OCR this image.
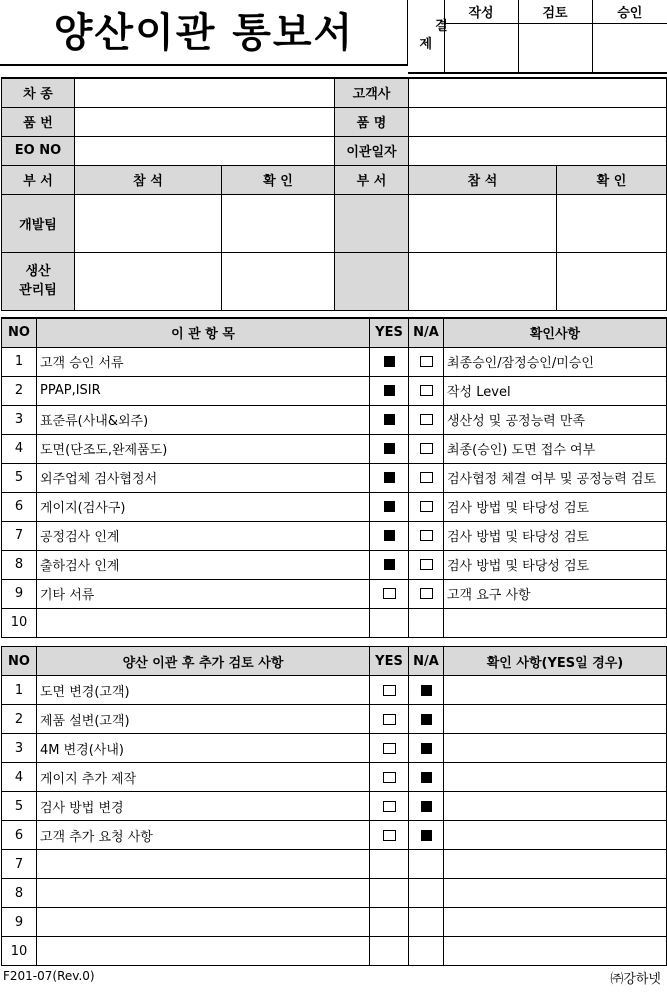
양산이관 통보서	결
제	작성	검토	승인

차 종			고객사		
품 번			품 명		
EO NO			이관일자		
부 서	참 석	확 인	부 서	참 석	확 인
개발팀					
생산
관리팀					
NO	이 관 항 목	YES	N/A	확인사항
1	고객 승인 서류			최종승인/잠정승인/미승인
2	PPAP,ISIR			작성 Level
3	표준류(사내&외주)			생산성 및 공정능력 만족
4	도면(단조도,완제품도)			최종(승인) 도면 접수 여부
5	외주업체 검사협정서			검사협정 체결 여부 및 공정능력 검토
6	게이지(검사구)			검사 방법 및 타당성 검토
7	공정검사 인계			검사 방법 및 타당성 검토
8	출하검사 인계			검사 방법 및 타당성 검토
9	기타 서류			고객 요구 사항
10				
NO	양산 이관 후 추가 검토 사항	YES	N/A	확인 사항(YES일 경우)
1	도면 변경(고객)			
2	제품 설변(고객)			
3	4M 변경(사내)			
4	게이지 추가 제작			
5	검사 방법 변경			
6	고객 추가 요청 사항			
7				
8				
9				
10				
F201-07(Rev.0)	㈜강하넷
